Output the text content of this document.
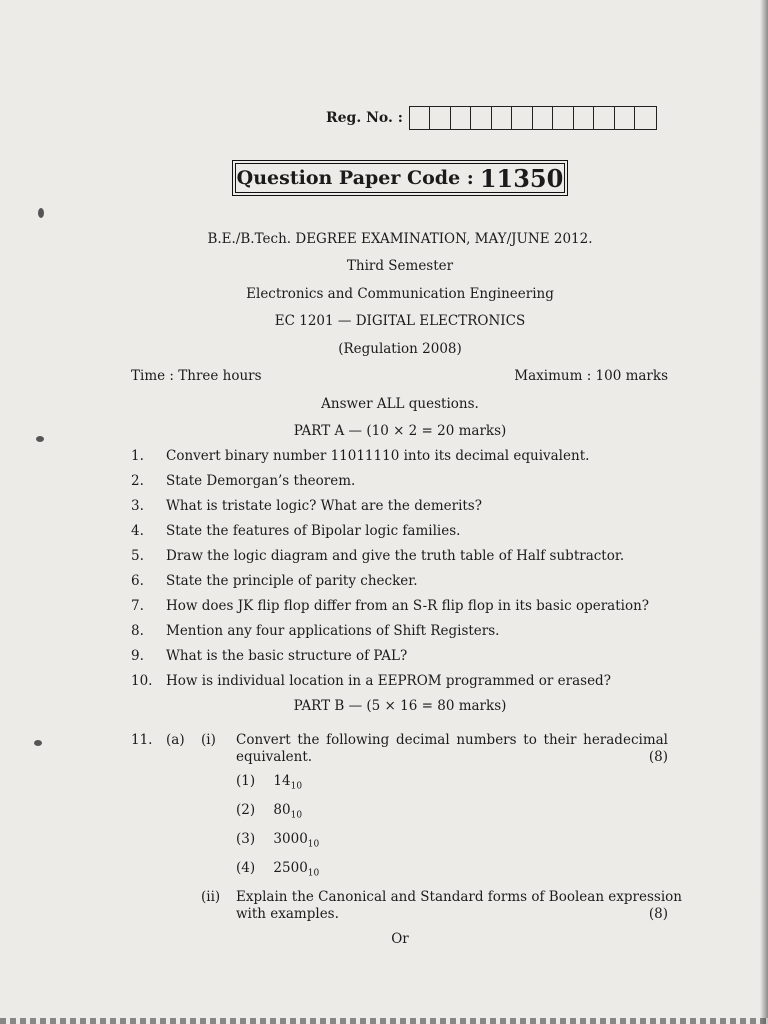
Reg. No. :
Question Paper Code : 11350
B.E./B.Tech. DEGREE EXAMINATION, MAY/JUNE 2012.
Third Semester
Electronics and Communication Engineering
EC 1201 — DIGITAL ELECTRONICS
(Regulation 2008)
Time : Three hours	Maximum : 100 marks
Answer ALL questions.
PART A — (10 × 2 = 20 marks)
1. Convert binary number 11011110 into its decimal equivalent.
2. State Demorgan’s theorem.
3. What is tristate logic? What are the demerits?
4. State the features of Bipolar logic families.
5. Draw the logic diagram and give the truth table of Half subtractor.
6. State the principle of parity checker.
7. How does JK flip flop differ from an S-R flip flop in its basic operation?
8. Mention any four applications of Shift Registers.
9. What is the basic structure of PAL?
10. How is individual location in a EEPROM programmed or erased?
PART B — (5 × 16 = 80 marks)
11. (a) (i) Convert the following decimal numbers to their heradecimal
equivalent.	(8)
(1) $14_{10}$
(2) $80_{10}$
(3) $3000_{10}$
(4) $2500_{10}$
(ii) Explain the Canonical and Standard forms of Boolean expression
with examples.	(8)
Or
